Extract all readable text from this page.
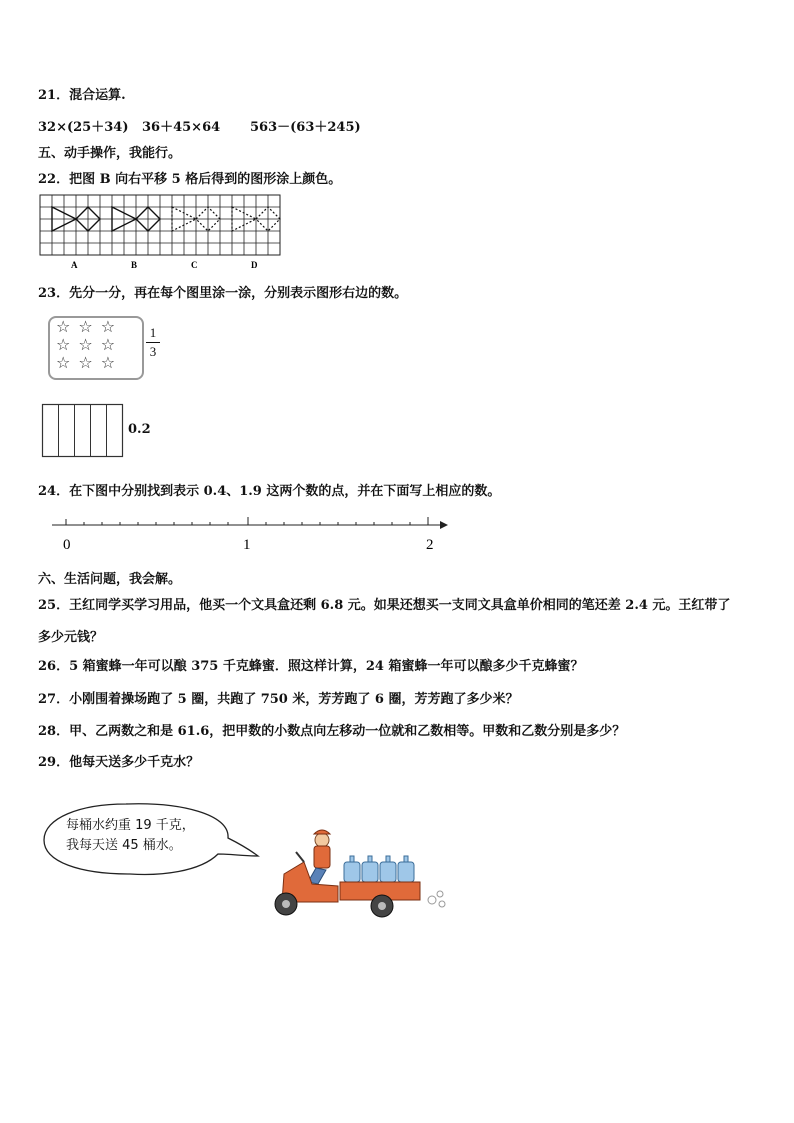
21．混合运算.
32×(25＋34) 36＋45×64 563－(63＋245)
五、动手操作，我能行。
22．把图 B 向右平移 5 格后得到的图形涂上颜色。
A	B	C	D
23．先分一分，再在每个图里涂一涂，分别表示图形右边的数。
☆☆☆
☆☆☆
☆☆☆
1
3
0.2
24．在下图中分别找到表示 0.4、1.9 这两个数的点，并在下面写上相应的数。
0	1	2
六、生活问题，我会解。
25．王红同学买学习用品，他买一个文具盒还剩 6.8 元。如果还想买一支同文具盒单价相同的笔还差 2.4 元。王红带了
多少元钱？
26．5 箱蜜蜂一年可以酿 375 千克蜂蜜．照这样计算，24 箱蜜蜂一年可以酿多少千克蜂蜜？
27．小刚围着操场跑了 5 圈，共跑了 750 米，芳芳跑了 6 圈，芳芳跑了多少米？
28．甲、乙两数之和是 61.6，把甲数的小数点向左移动一位就和乙数相等。甲数和乙数分别是多少？
29．他每天送多少千克水？
每桶水约重 19 千克，
我每天送 45 桶水。
